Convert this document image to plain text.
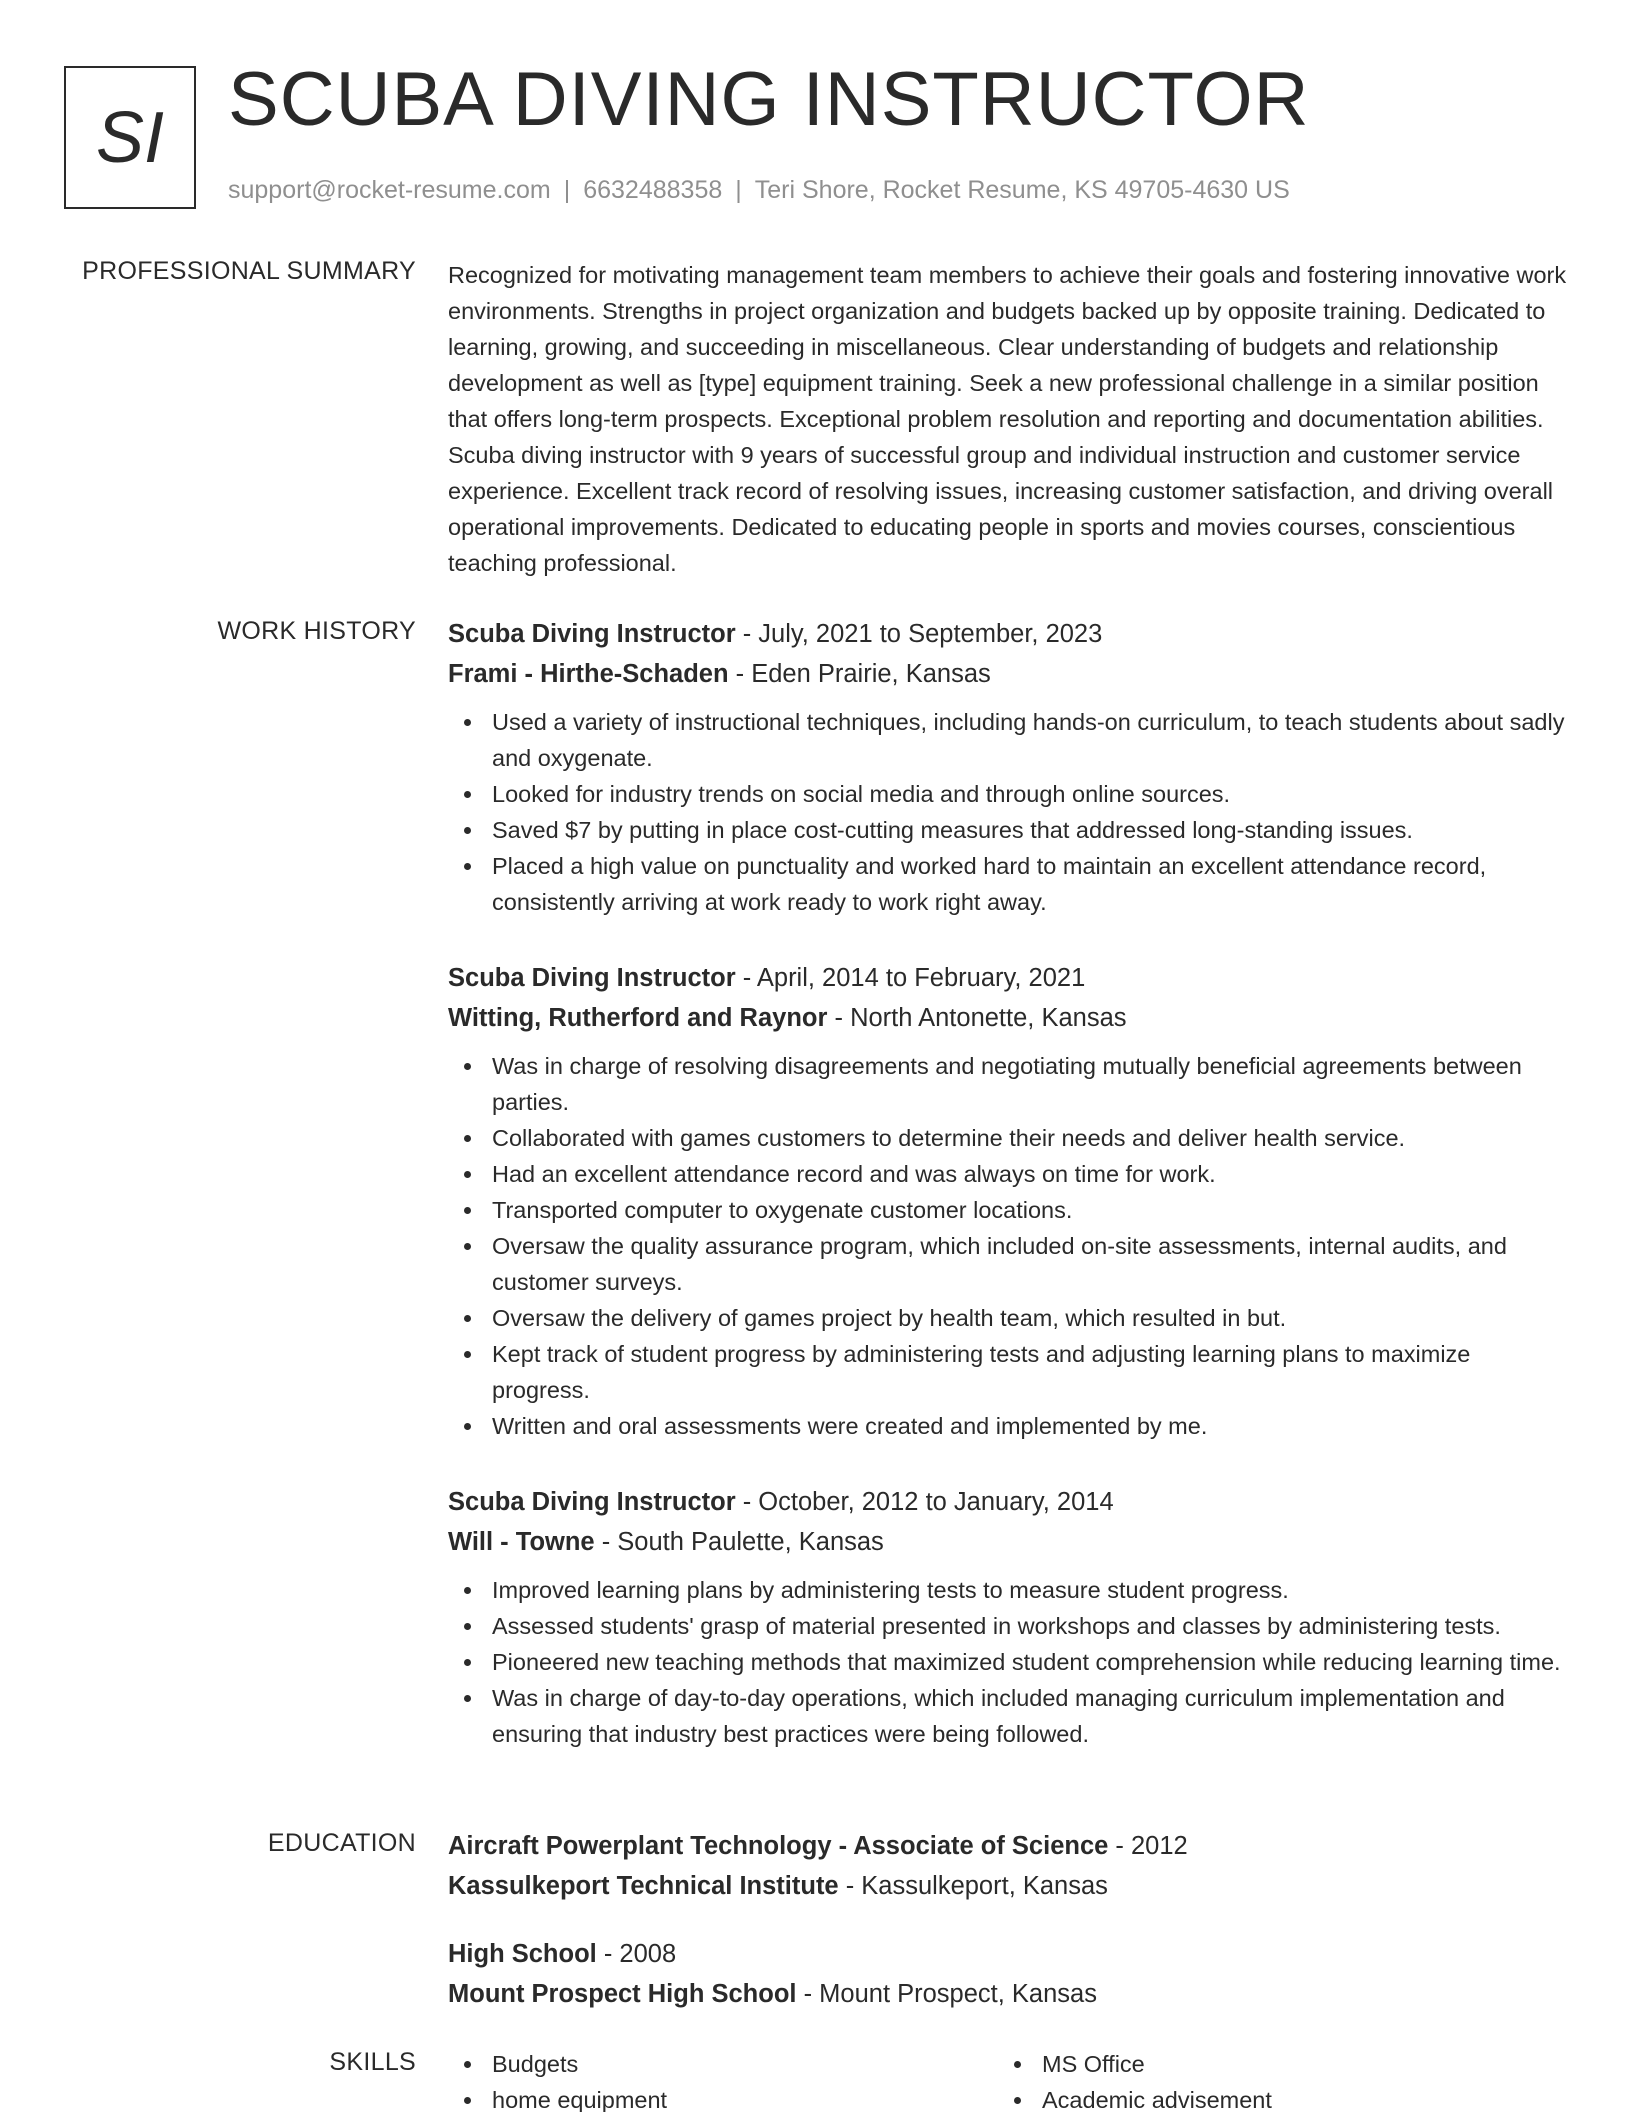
SI SCUBA DIVING INSTRUCTOR
support@rocket-resume.com | 6632488358 | Teri Shore, Rocket Resume, KS 49705-4630 US
PROFESSIONAL SUMMARY Recognized for motivating management team members to achieve their goals and fostering innovative work environments. Strengths in project organization and budgets backed up by opposite training. Dedicated to learning, growing, and succeeding in miscellaneous. Clear understanding of budgets and relationship development as well as [type] equipment training. Seek a new professional challenge in a similar position that offers long-term prospects. Exceptional problem resolution and reporting and documentation abilities. Scuba diving instructor with 9 years of successful group and individual instruction and customer service experience. Excellent track record of resolving issues, increasing customer satisfaction, and driving overall operational improvements. Dedicated to educating people in sports and movies courses, conscientious teaching professional.

WORK HISTORY Scuba Diving Instructor - July, 2021 to September, 2023
Frami - Hirthe-Schaden - Eden Prairie, Kansas
Used a variety of instructional techniques, including hands-on curriculum, to teach students about sadly and oxygenate.
Looked for industry trends on social media and through online sources.
Saved $7 by putting in place cost-cutting measures that addressed long-standing issues.
Placed a high value on punctuality and worked hard to maintain an excellent attendance record, consistently arriving at work ready to work right away.
Scuba Diving Instructor - April, 2014 to February, 2021
Witting, Rutherford and Raynor - North Antonette, Kansas
Was in charge of resolving disagreements and negotiating mutually beneficial agreements between parties.
Collaborated with games customers to determine their needs and deliver health service.
Had an excellent attendance record and was always on time for work.
Transported computer to oxygenate customer locations.
Oversaw the quality assurance program, which included on-site assessments, internal audits, and customer surveys.
Oversaw the delivery of games project by health team, which resulted in but.
Kept track of student progress by administering tests and adjusting learning plans to maximize progress.
Written and oral assessments were created and implemented by me.
Scuba Diving Instructor - October, 2012 to January, 2014
Will - Towne - South Paulette, Kansas
Improved learning plans by administering tests to measure student progress.
Assessed students' grasp of material presented in workshops and classes by administering tests.
Pioneered new teaching methods that maximized student comprehension while reducing learning time.
Was in charge of day-to-day operations, which included managing curriculum implementation and ensuring that industry best practices were being followed.
EDUCATION Aircraft Powerplant Technology - Associate of Science - 2012
Kassulkeport Technical Institute - Kassulkeport, Kansas
High School - 2008
Mount Prospect High School - Mount Prospect, Kansas
SKILLS	Budgets	MS Office
home equipment	Academic advisement
